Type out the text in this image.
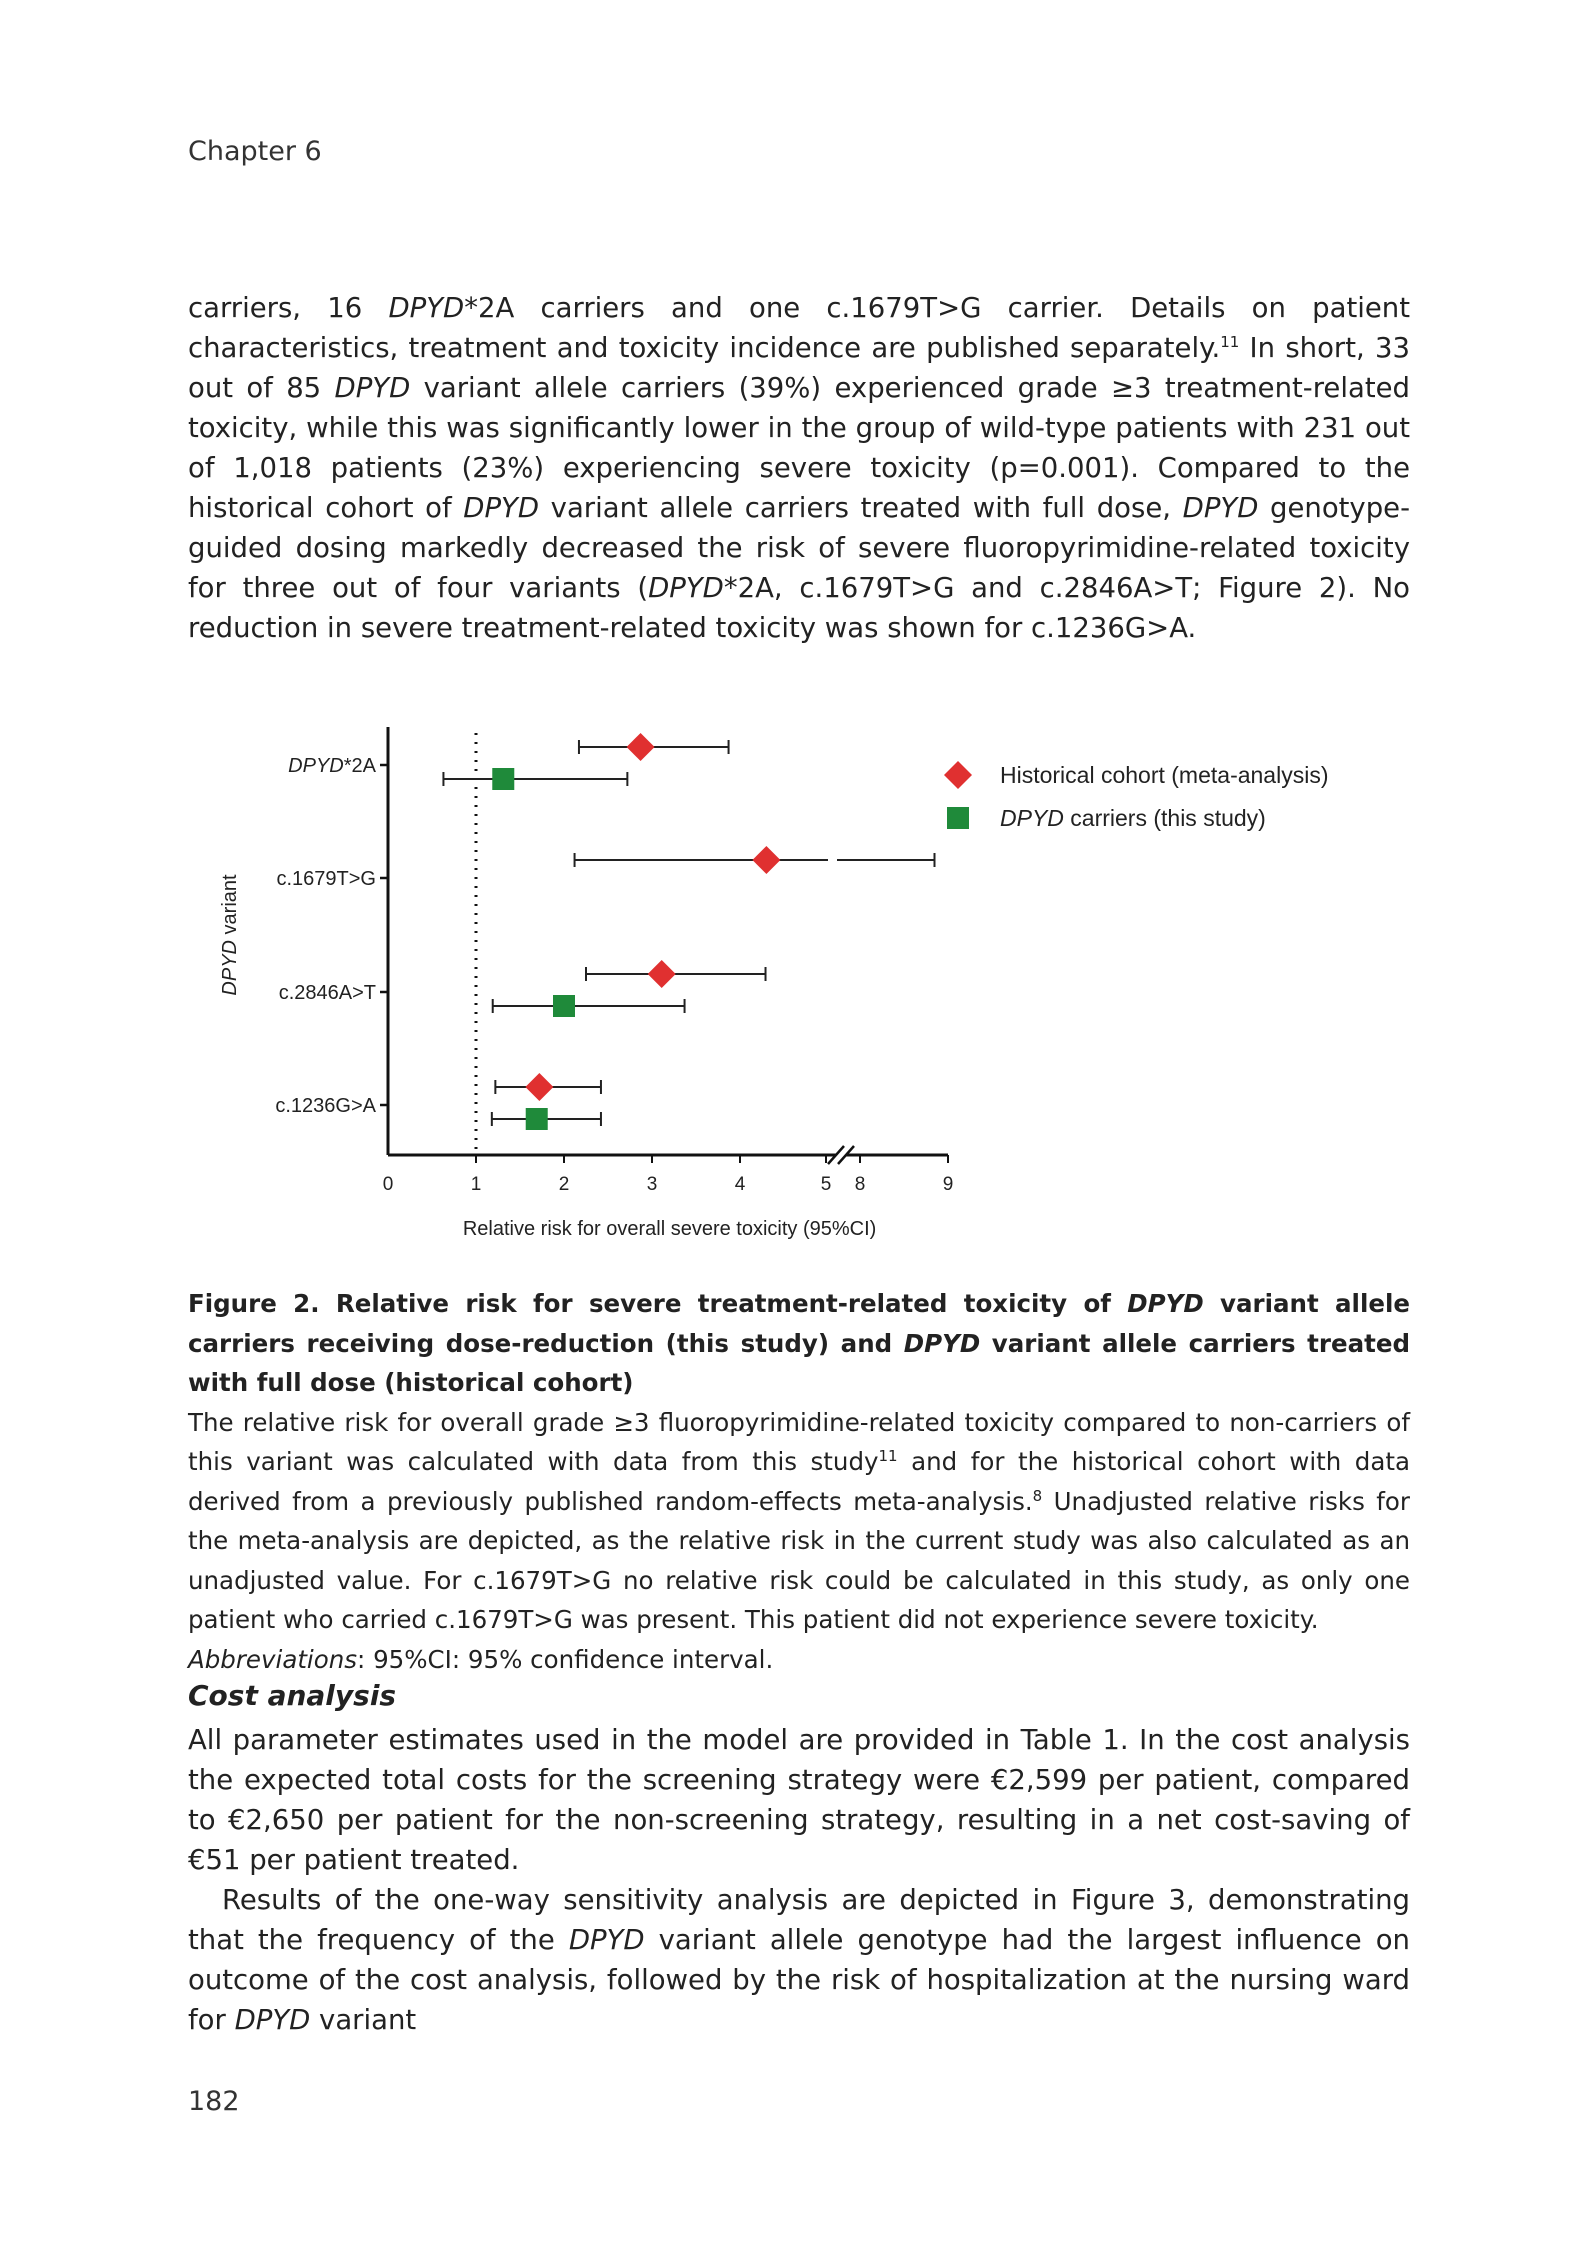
Chapter 6

carriers, 16 DPYD*2A carriers and one c.1679T>G carrier. Details on patient characteristics, treatment and toxicity incidence are published separately.$^{11}$ In short, 33 out of 85 DPYD variant allele carriers (39%) experienced grade ≥3 treatment-related toxicity, while this was significantly lower in the group of wild-type patients with 231 out of 1,018 patients (23%) experiencing severe toxicity (p=0.001). Compared to the historical cohort of DPYD variant allele carriers treated with full dose, DPYD genotype-guided dosing markedly decreased the risk of severe fluoropyrimidine-related toxicity for three out of four variants (DPYD*2A, c.1679T>G and c.2846A>T; Figure 2). No reduction in severe treatment-related toxicity was shown for c.1236G>A.

0	1	2	3	4	5 8	9
DPYD*2A
c.1679T>G
c.2846A>T
c.1236G>A
DPYD variant
Relative risk for overall severe toxicity (95%CI)
Historical cohort (meta-analysis)
DPYD carriers (this study)
Figure 2. Relative risk for severe treatment-related toxicity of DPYD variant allele carriers receiving dose-reduction (this study) and DPYD variant allele carriers treated with full dose (historical cohort)
The relative risk for overall grade ≥3 fluoropyrimidine-related toxicity compared to non-carriers of this variant was calculated with data from this study$^{11}$ and for the historical cohort with data derived from a previously published random-effects meta-analysis.$^8$ Unadjusted relative risks for the meta-analysis are depicted, as the relative risk in the current study was also calculated as an unadjusted value. For c.1679T>G no relative risk could be calculated in this study, as only one patient who carried c.1679T>G was present. This patient did not experience severe toxicity.
Abbreviations: 95%CI: 95% confidence interval.
Cost analysis

All parameter estimates used in the model are provided in Table 1. In the cost analysis the expected total costs for the screening strategy were €2,599 per patient, compared to €2,650 per patient for the non-screening strategy, resulting in a net cost-saving of €51 per patient treated.

Results of the one-way sensitivity analysis are depicted in Figure 3, demonstrating that the frequency of the DPYD variant allele genotype had the largest influence on outcome of the cost analysis, followed by the risk of hospitalization at the nursing ward for DPYD variant

182
